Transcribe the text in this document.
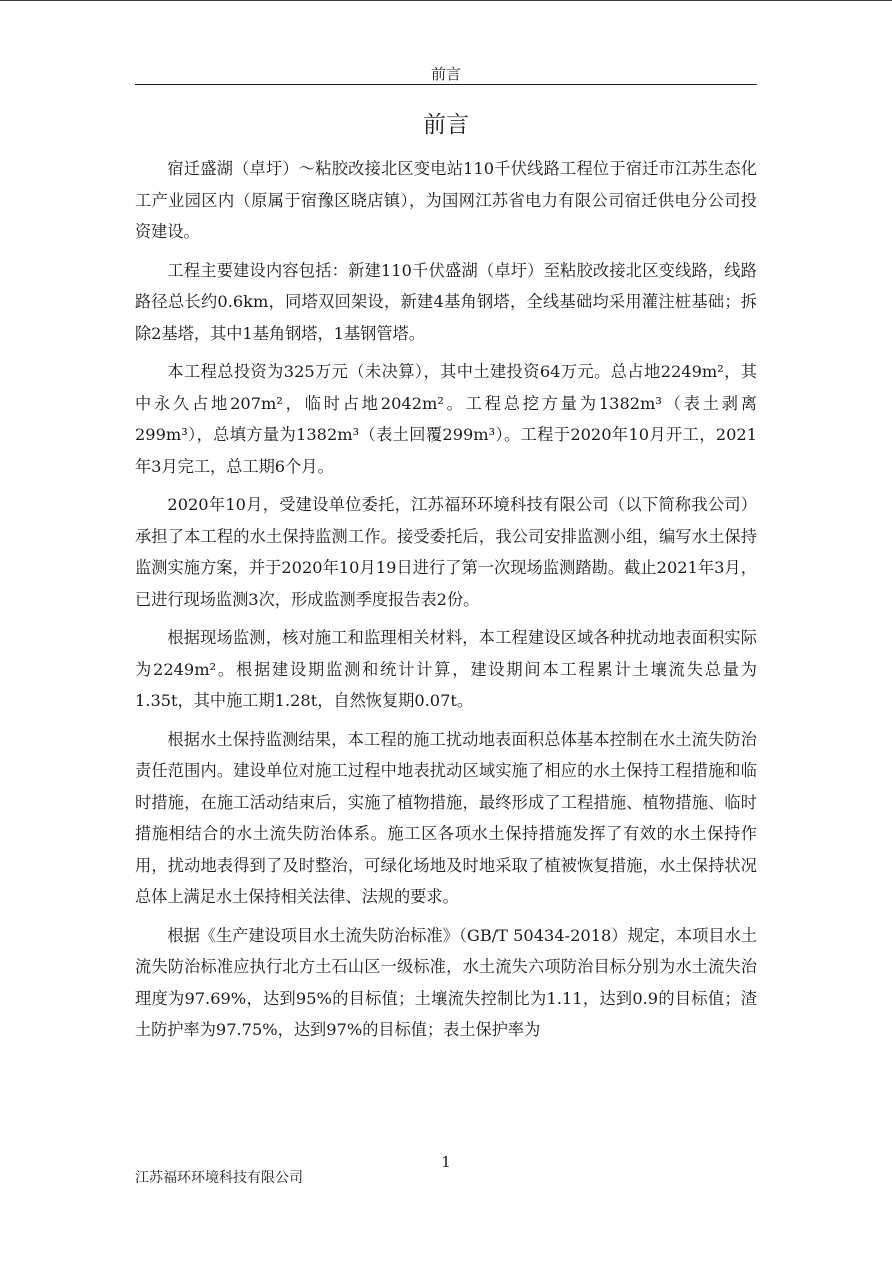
前言
前言

宿迁盛湖（卓圩）～粘胶改接北区变电站110千伏线路工程位于宿迁市江苏生态化工产业园区内（原属于宿豫区晓店镇），为国网江苏省电力有限公司宿迁供电分公司投资建设。

工程主要建设内容包括：新建110千伏盛湖（卓圩）至粘胶改接北区变线路，线路路径总长约0.6km，同塔双回架设，新建4基角钢塔，全线基础均采用灌注桩基础；拆除2基塔，其中1基角钢塔，1基钢管塔。

本工程总投资为325万元（未决算），其中土建投资64万元。总占地2249m²，其中永久占地207m²，临时占地2042m²。工程总挖方量为1382m³（表土剥离299m³），总填方量为1382m³（表土回覆299m³）。工程于2020年10月开工，2021年3月完工，总工期6个月。

2020年10月，受建设单位委托，江苏福环环境科技有限公司（以下简称我公司）承担了本工程的水土保持监测工作。接受委托后，我公司安排监测小组，编写水土保持监测实施方案，并于2020年10月19日进行了第一次现场监测踏勘。截止2021年3月，已进行现场监测3次，形成监测季度报告表2份。

根据现场监测，核对施工和监理相关材料，本工程建设区域各种扰动地表面积实际为2249m²。根据建设期监测和统计计算，建设期间本工程累计土壤流失总量为1.35t，其中施工期1.28t，自然恢复期0.07t。

根据水土保持监测结果，本工程的施工扰动地表面积总体基本控制在水土流失防治责任范围内。建设单位对施工过程中地表扰动区域实施了相应的水土保持工程措施和临时措施，在施工活动结束后，实施了植物措施，最终形成了工程措施、植物措施、临时措施相结合的水土流失防治体系。施工区各项水土保持措施发挥了有效的水土保持作用，扰动地表得到了及时整治，可绿化场地及时地采取了植被恢复措施，水土保持状况总体上满足水土保持相关法律、法规的要求。

根据《生产建设项目水土流失防治标准》（GB/T 50434-2018）规定，本项目水土流失防治标准应执行北方土石山区一级标准，水土流失六项防治目标分别为水土流失治理度为97.69%，达到95%的目标值；土壤流失控制比为1.11，达到0.9的目标值；渣土防护率为97.75%，达到97%的目标值；表土保护率为

1
江苏福环环境科技有限公司
